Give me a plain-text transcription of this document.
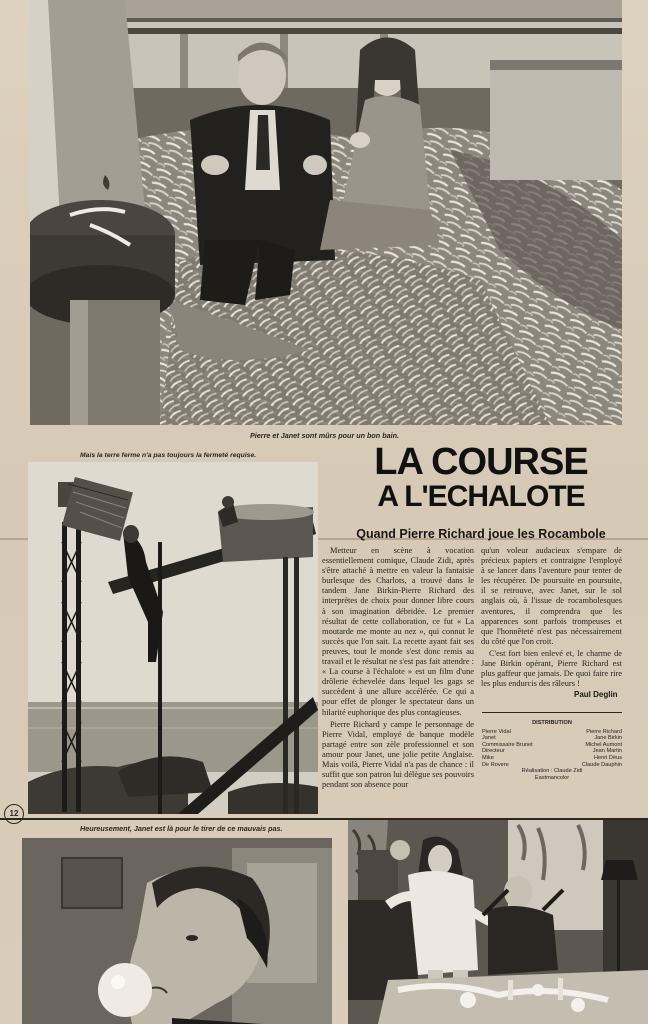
Pierre et Janet sont mûrs pour un bon bain.
Mais la terre ferme n'a pas toujours la fermeté requise.
12
LA COURSE
A L'ECHALOTE
Quand Pierre Richard joue les Rocambole

Metteur en scène à vocation essentiellement comique, Claude Zidi, après s'être attaché à mettre en valeur la fantaisie burlesque des Charlots, a trouvé dans le tandem Jane Birkin-Pierre Richard des interprètes de choix pour donner libre cours à son imagination débridée. Le premier résultat de cette collaboration, ce fut « La moutarde me monte au nez », qui connut le succès que l'on sait. La recette ayant fait ses preuves, tout le monde s'est donc remis au travail et le résultat ne s'est pas fait attendre : « La course à l'échalote » est un film d'une drôlerie échevelée dans lequel les gags se succèdent à une allure accélérée. Ce qui a pour effet de plonger le spectateur dans un hilarité euphorique des plus contagieuses.

Pierre Richard y campe le personnage de Pierre Vidal, employé de banque modèle partagé entre son zèle professionnel et son amour pour Janet, une jolie petite Anglaise. Mais voilà, Pierre Vidal n'a pas de chance : il suffit que son patron lui délègue ses pouvoirs pendant son absence pour

qu'un voleur audacieux s'empare de précieux papiers et contraigne l'employé à se lancer dans l'aventure pour tenter de les récupérer. De poursuite en poursuite, il se retrouve, avec Janet, sur le sol anglais où, à l'issue de rocambolesques aventures, il comprendra que les apparences sont parfois trompeuses et que l'honnêteté n'est pas nécessairement du côté que l'on croit.

C'est fort bien enlevé et, le charme de Jane Birkin opérant, Pierre Richard est plus gaffeur que jamais. De quoi faire rire les plus endurcis des râleurs !

Paul Deglin
DISTRIBUTION
Pierre Vidal	Pierre Richard
Janet	Jane Birkin
Commissaire Brunet	Michel Aumont
Directeur	Jean Martin
Mike	Henri Déus
De Rovere	Claude Dauphin
Réalisation : Claude Zidi
Eastmancolor
Heureusement, Janet est là pour le tirer de ce mauvais pas.
